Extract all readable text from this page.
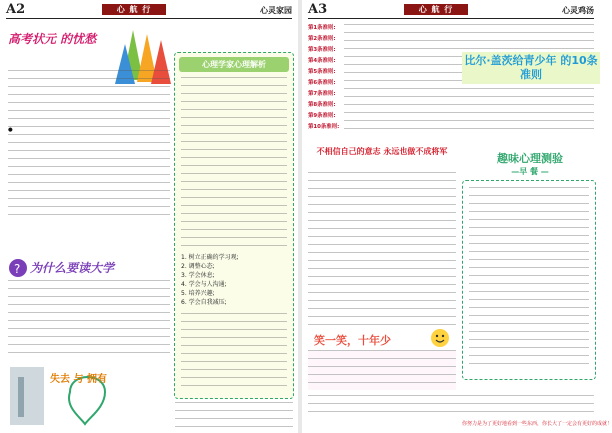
A2	心 航 行	心灵家园
高考状元 的忧愁
●
? 为什么要读大学
失去 与 拥有
心理学家心理解析
1. 树立正确的学习观;
2. 调整心态;
3. 学会休息;
4. 学会与人沟通;
5. 培养兴趣;
6. 学会自我减压;
A3	心 航 行	心灵鸡汤
第1条准则:
第2条准则:
第3条准则:
第4条准则:
第5条准则:
第6条准则:
第7条准则:
第8条准则:
第9条准则:
第10条准则:
比尔·盖茨给青少年 的10条准则
不相信自己的意志 永远也做不成将军
笑一笑，十年少
趣味心理测验
—早 餐 —
你努力是为了更好地看到一些东西，你长大了一定会有更好的成就！
